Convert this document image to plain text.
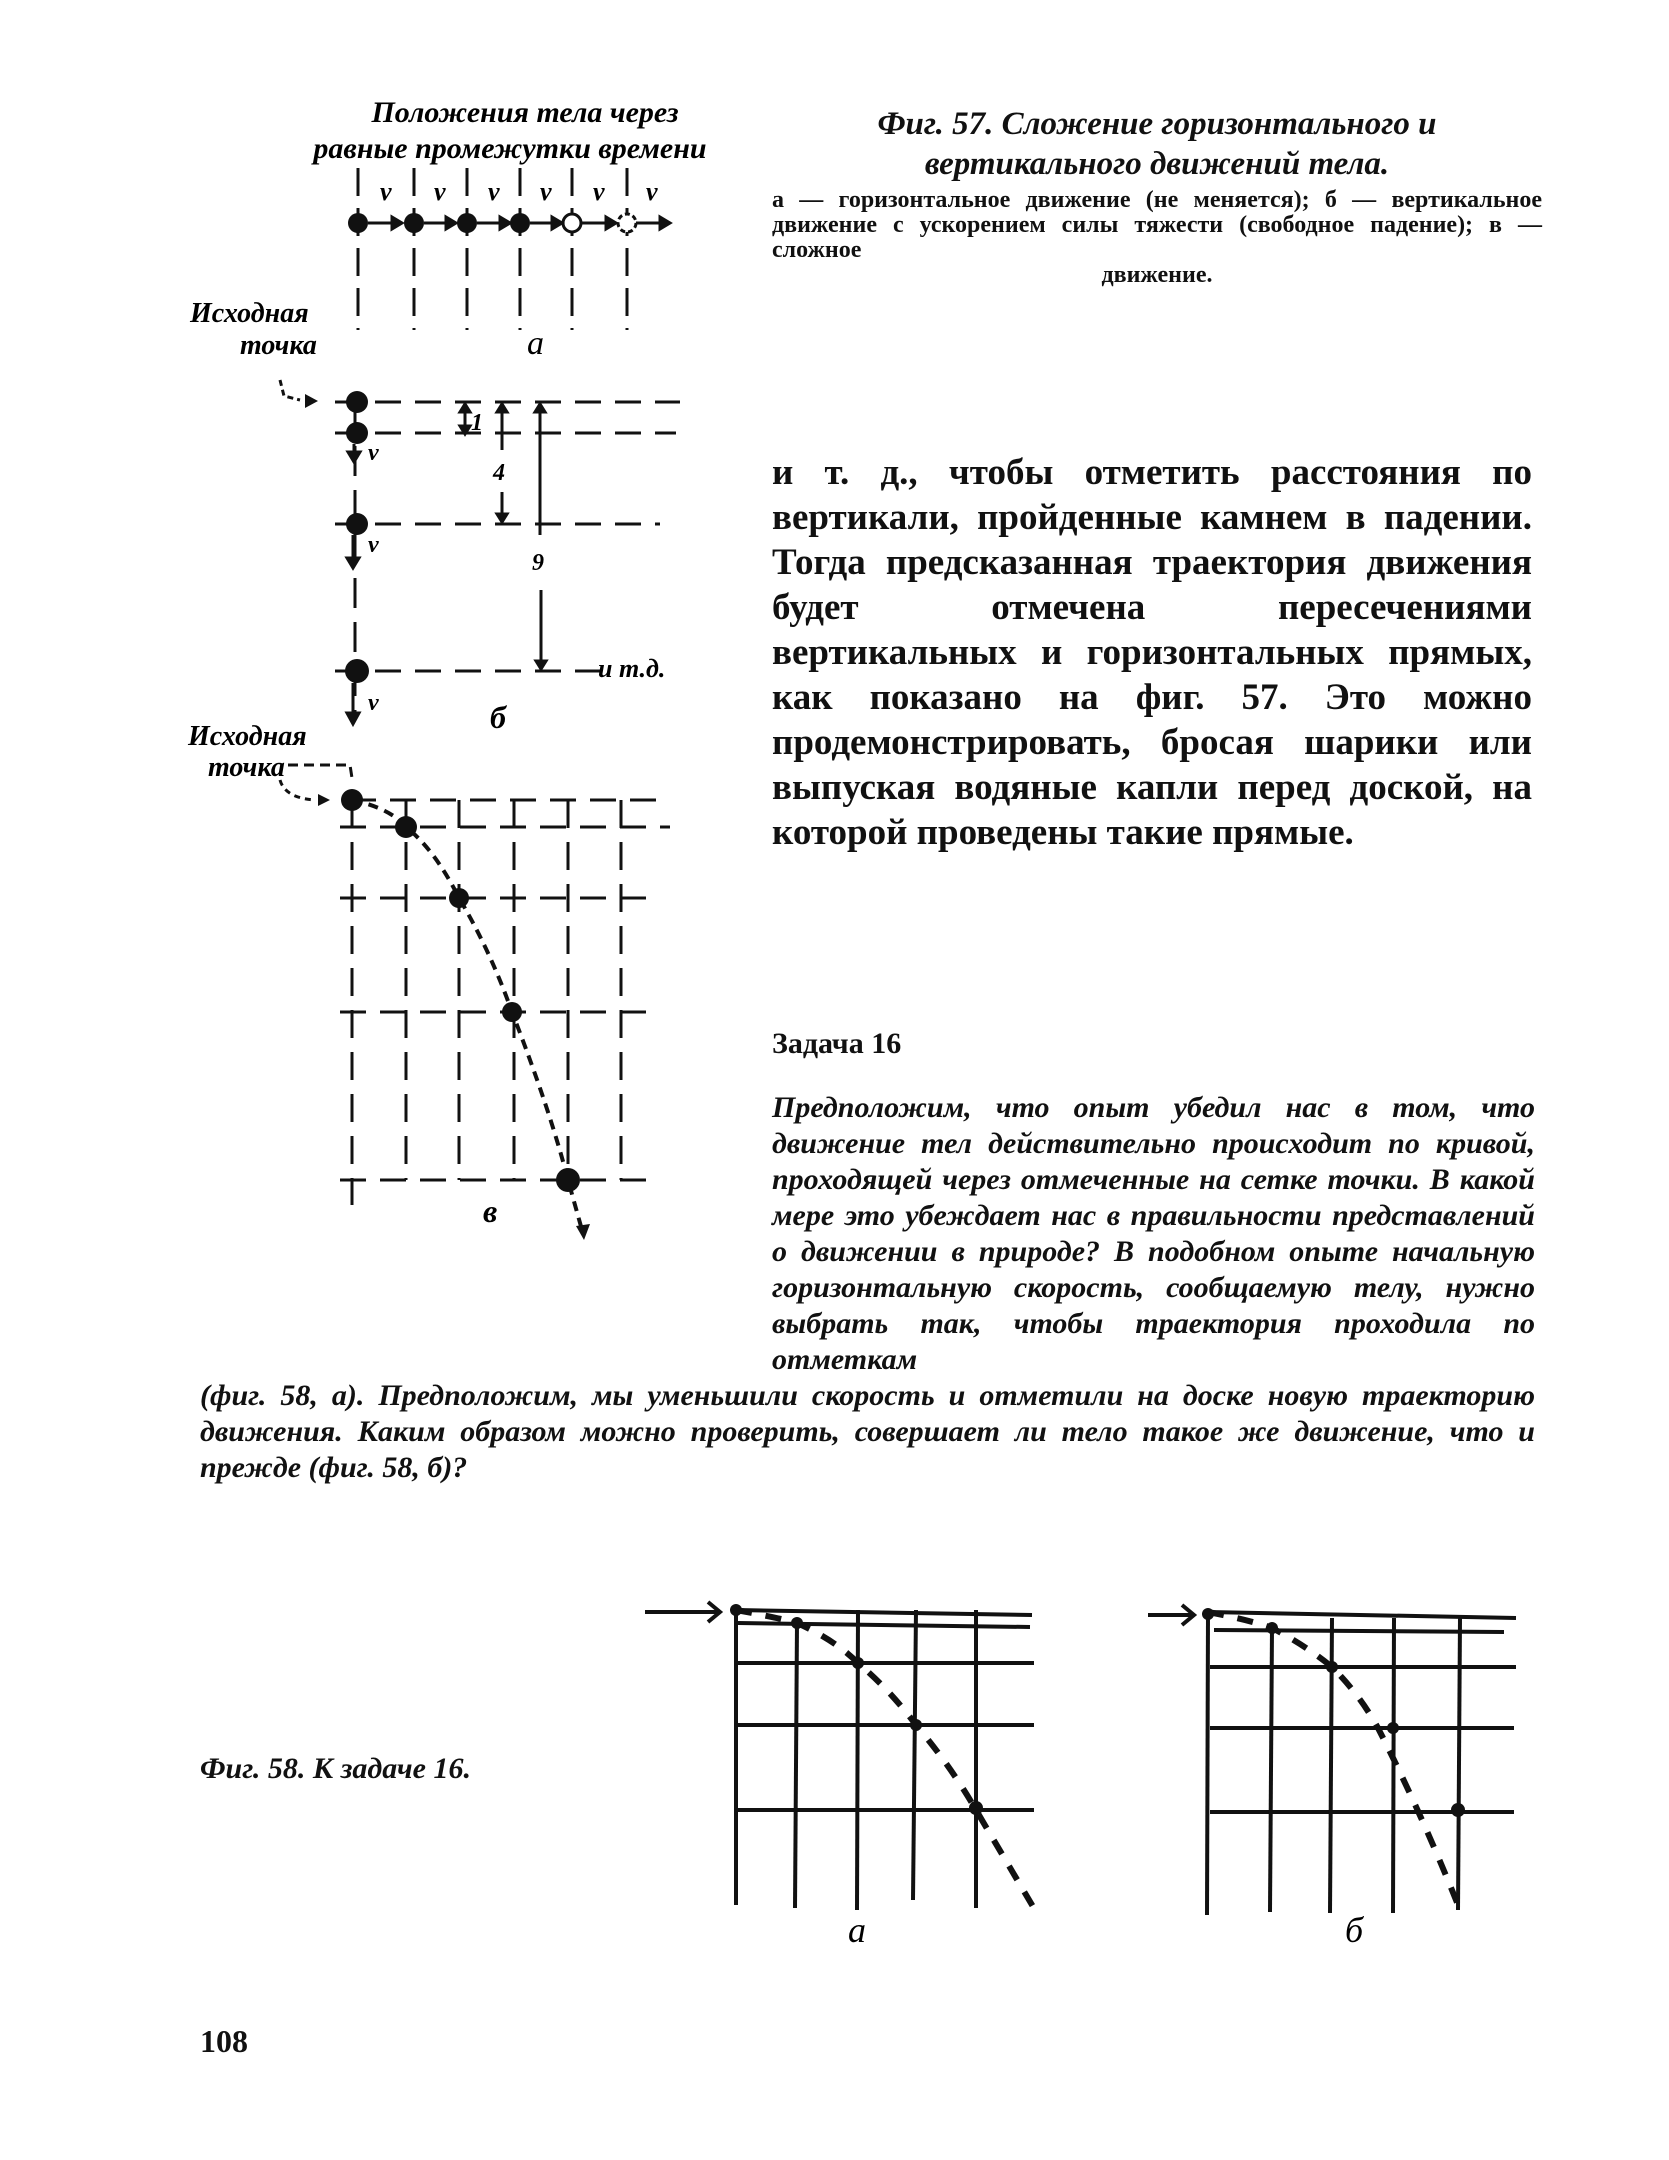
Положения тела через
равные промежутки времени
v v v v v v
Исходная
точка	а
v
v
v
1
4
9
и т.д.
б
Исходная
точка
в
Фиг. 57. Сложение горизонтального и вертикального движений тела.
а — горизонтальное движение (не меняется); б — вертикальное движение с ускорением силы тяжести (свободное падение); в — сложное
движение.

и т. д., чтобы отметить расстояния по вертикали, пройденные камнем в падении. Тогда предсказанная траектория движения будет отмечена пересечениями вертикальных и горизонтальных прямых, как показано на фиг. 57. Это можно продемонстрировать, бросая шарики или выпуская водяные капли перед доской, на которой проведены такие прямые.

Задача 16

Предположим, что опыт убедил нас в том, что движение тел действительно происходит по кривой, проходящей через отмеченные на сетке точки. В какой мере это убеждает нас в правильности представлений о движении в природе? В подобном опыте начальную горизонтальную скорость, сообщаемую телу, нужно выбрать так, чтобы траектория проходила по отметкам

(фиг. 58, а). Предположим, мы уменьшили скорость и отметили на доске новую траекторию движения. Каким образом можно проверить, совершает ли тело такое же движение, что и прежде (фиг. 58, б)?

Фиг. 58. К задаче 16.
а	б
108
